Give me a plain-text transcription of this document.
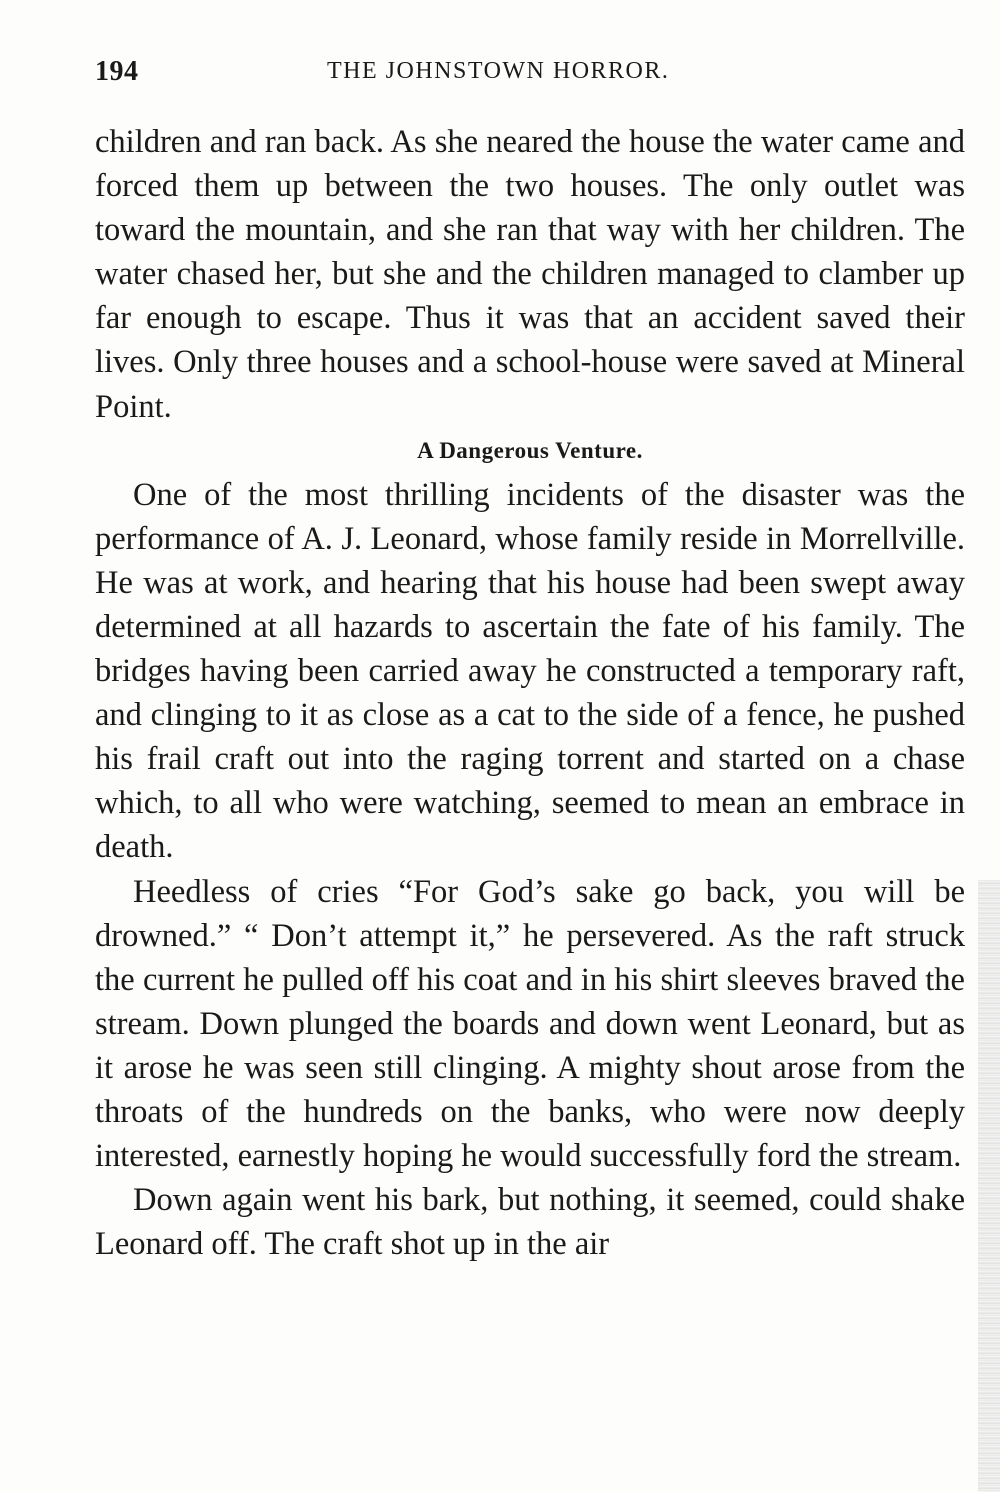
194	THE JOHNSTOWN HORROR.

children and ran back. As she neared the house the water came and forced them up between the two houses. The only outlet was toward the mountain, and she ran that way with her children. The water chased her, but she and the children managed to clamber up far enough to escape. Thus it was that an accident saved their lives. Only three houses and a school-house were saved at Mineral Point.

A Dangerous Venture.

One of the most thrilling incidents of the disaster was the performance of A. J. Leonard, whose family reside in Morrellville. He was at work, and hearing that his house had been swept away determined at all hazards to ascertain the fate of his family. The bridges having been carried away he constructed a temporary raft, and clinging to it as close as a cat to the side of a fence, he pushed his frail craft out into the raging torrent and started on a chase which, to all who were watching, seemed to mean an embrace in death.

Heedless of cries “For God’s sake go back, you will be drowned.” “ Don’t attempt it,” he persevered. As the raft struck the current he pulled off his coat and in his shirt sleeves braved the stream. Down plunged the boards and down went Leonard, but as it arose he was seen still clinging. A mighty shout arose from the throats of the hundreds on the banks, who were now deeply interested, earnestly hoping he would successfully ford the stream.

Down again went his bark, but nothing, it seemed, could shake Leonard off. The craft shot up in the air
